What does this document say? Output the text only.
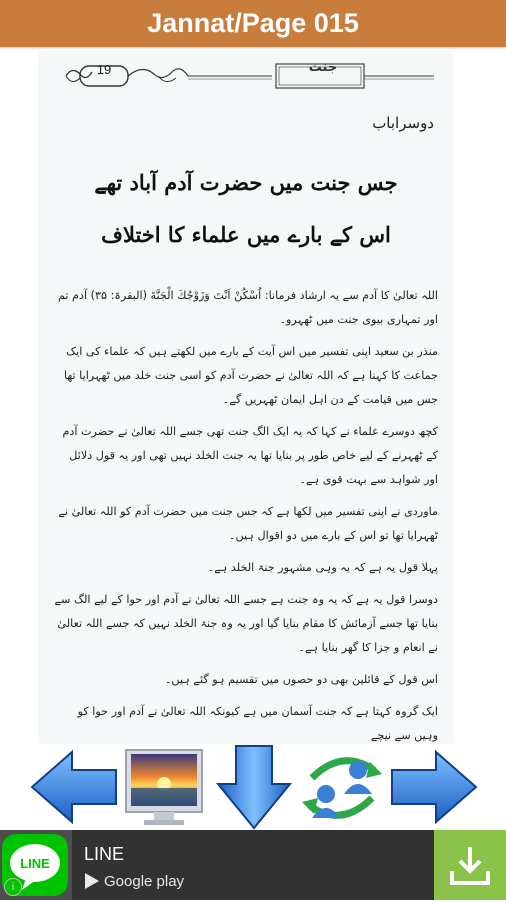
Jannat/Page 015
19	جنت
دوسراباب
جس جنت میں حضرت آدم آباد تھے
اس کے بارے میں علماء کا اختلاف

اللہ تعالیٰ کا آدم سے یہ ارشاد فرمانا: اُسْكُنْ اَنْتَ وَزَوْجُكَ الْجَنَّةَ (البقرۃ: ۳۵) آدم تم اور تمہاری بیوی جنت میں ٹھہرو۔

منذر بن سعید اپنی تفسیر میں اس آیت کے بارے میں لکھتے ہیں کہ علماء کی ایک جماعت کا کہنا ہے کہ اللہ تعالیٰ نے حضرت آدم کو اسی جنت خلد میں ٹھہرایا تھا جس میں قیامت کے دن اہل ایمان ٹھہریں گے۔

کچھ دوسرے علماء نے کہا کہ یہ ایک الگ جنت تھی جسے اللہ تعالیٰ نے حضرت آدم کے ٹھہرنے کے لیے خاص طور پر بنایا تھا یہ جنت الخلد نہیں تھی اور یہ قول دلائل اور شواہد سے بہت قوی ہے۔

ماوردی نے اپنی تفسیر میں لکھا ہے کہ جس جنت میں حضرت آدم کو اللہ تعالیٰ نے ٹھہرایا تھا تو اس کے بارے میں دو اقوال ہیں۔

پہلا قول یہ ہے کہ یہ وہی مشہور جنۃ الخلد ہے۔

دوسرا قول یہ ہے کہ یہ وہ جنت ہے جسے اللہ تعالیٰ نے آدم اور حوا کے لیے الگ سے بنایا تھا جسے آزمائش کا مقام بنایا گیا اور یہ وہ جنۃ الخلد نہیں کہ جسے اللہ تعالیٰ نے انعام و جزا کا گھر بنایا ہے۔

اس قول کے قائلین بھی دو حصوں میں تقسیم ہو گئے ہیں۔

ایک گروہ کہتا ہے کہ جنت آسمان میں ہے کیونکہ اللہ تعالیٰ نے آدم اور حوا کو وہیں سے نیچے

LINE LINE
Google play
i
